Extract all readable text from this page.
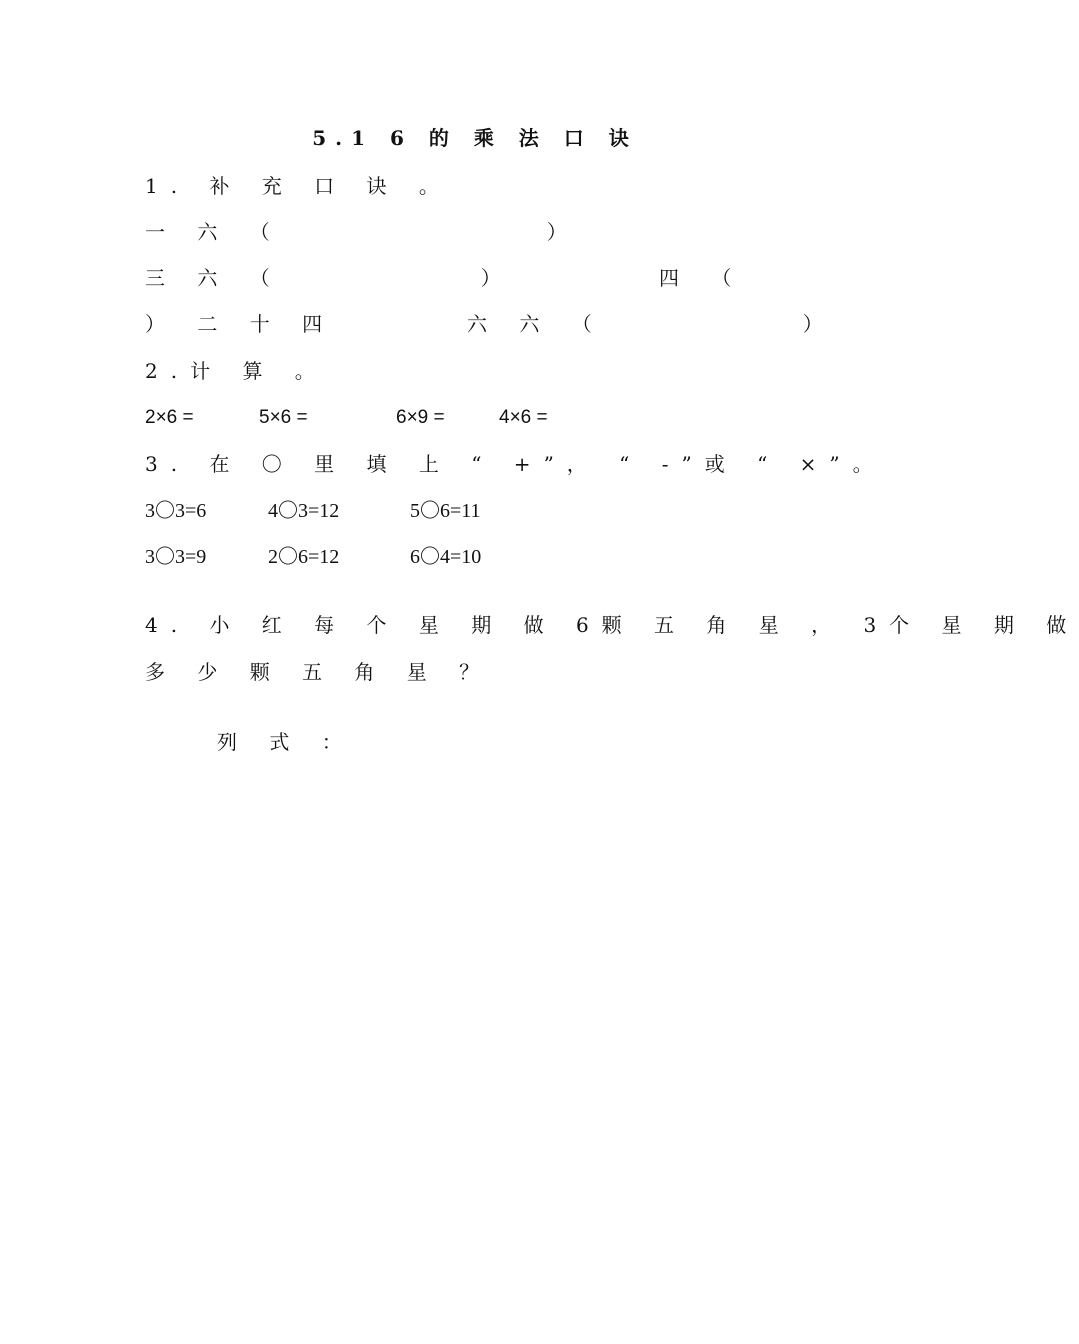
5.1 6 的 乘 法 口 诀
1. 补 充 口 诀 。
一 六 （　　　　　　　　）
三 六 （　　　　　　）	四 （
） 二 十 四	六 六 （　　　　　　）
2.计 算 。
2×6 =	5×6 =	6×9 =	4×6 =
3. 在 〇 里 填 上 “ +”， “ -”或 “ ×”。
3〇3=6	4〇3=12	5〇6=11
3〇3=9	2〇6=12	6〇4=10
4. 小 红 每 个 星 期 做 6颗 五 角 星 ， 3个 星 期 做
多 少 颗 五 角 星 ？
列 式 ：
